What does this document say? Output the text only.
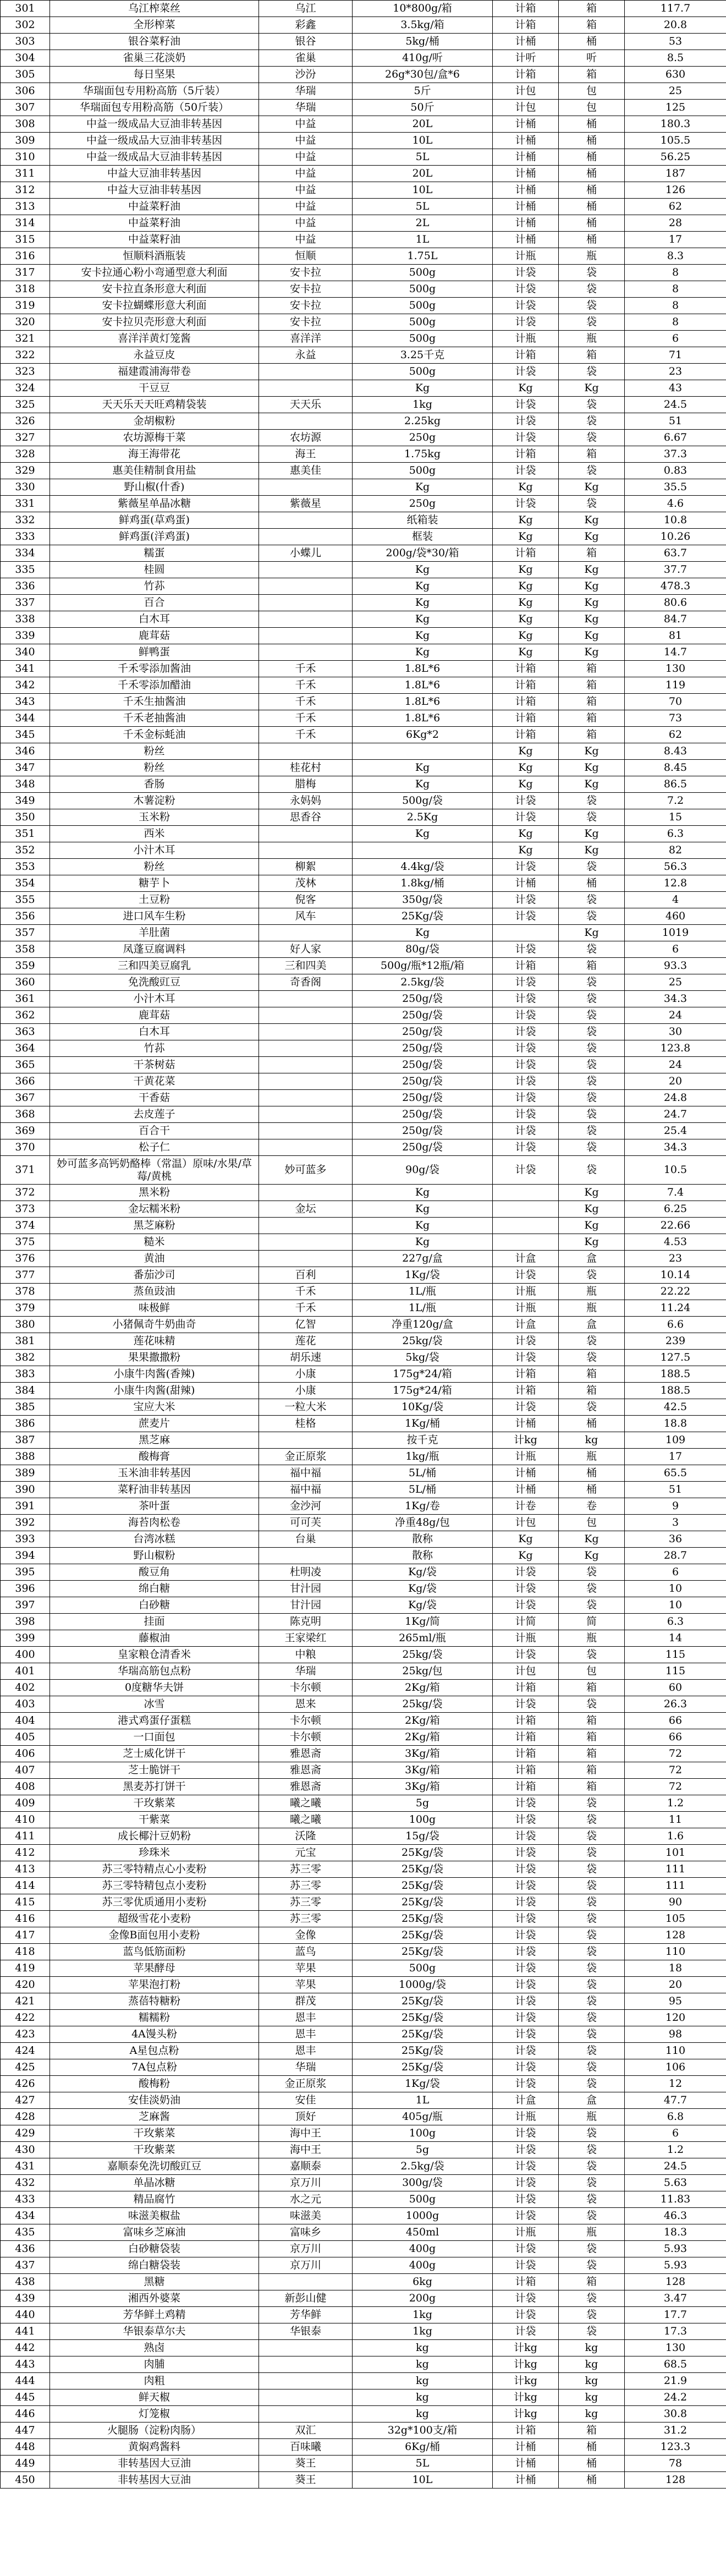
301	乌江榨菜丝	乌江	10*800g/箱	计箱	箱	117.7
302	全形榨菜	彩鑫	3.5kg/箱	计箱	箱	20.8
303	银谷菜籽油	银谷	5kg/桶	计桶	桶	53
304	雀巢三花淡奶	雀巢	410g/听	计听	听	8.5
305	每日坚果	沙汾	26g*30包/盒*6	计箱	箱	630
306	华瑞面包专用粉高筋（5斤装）	华瑞	5斤	计包	包	25
307	华瑞面包专用粉高筋（50斤装）	华瑞	50斤	计包	包	125
308	中益一级成品大豆油非转基因	中益	20L	计桶	桶	180.3
309	中益一级成品大豆油非转基因	中益	10L	计桶	桶	105.5
310	中益一级成品大豆油非转基因	中益	5L	计桶	桶	56.25
311	中益大豆油非转基因	中益	20L	计桶	桶	187
312	中益大豆油非转基因	中益	10L	计桶	桶	126
313	中益菜籽油	中益	5L	计桶	桶	62
314	中益菜籽油	中益	2L	计桶	桶	28
315	中益菜籽油	中益	1L	计桶	桶	17
316	恒顺料酒瓶装	恒顺	1.75L	计瓶	瓶	8.3
317	安卡拉通心粉小弯通型意大利面	安卡拉	500g	计袋	袋	8
318	安卡拉直条形意大利面	安卡拉	500g	计袋	袋	8
319	安卡拉蝴蝶形意大利面	安卡拉	500g	计袋	袋	8
320	安卡拉贝壳形意大利面	安卡拉	500g	计袋	袋	8
321	喜洋洋黄灯笼酱	喜洋洋	500g	计瓶	瓶	6
322	永益豆皮	永益	3.25千克	计箱	箱	71
323	福建霞浦海带卷		500g	计袋	袋	23
324	干豆豆		Kg	Kg	Kg	43
325	天天乐天天旺鸡精袋装	天天乐	1kg	计袋	袋	24.5
326	金胡椒粉		2.25kg	计袋	袋	51
327	农坊源梅干菜	农坊源	250g	计袋	袋	6.67
328	海王海带花	海王	1.75kg	计箱	箱	37.3
329	惠美佳精制食用盐	惠美佳	500g	计袋	袋	0.83
330	野山椒(什香)		Kg	Kg	Kg	35.5
331	紫薇星单晶冰糖	紫薇星	250g	计袋	袋	4.6
332	鲜鸡蛋(草鸡蛋)		纸箱装	Kg	Kg	10.8
333	鲜鸡蛋(洋鸡蛋)		框装	Kg	Kg	10.26
334	糯蛋	小蝶儿	200g/袋*30/箱	计箱	箱	63.7
335	桂圆		Kg	Kg	Kg	37.7
336	竹荪		Kg	Kg	Kg	478.3
337	百合		Kg	Kg	Kg	80.6
338	白木耳		Kg	Kg	Kg	84.7
339	鹿茸菇		Kg	Kg	Kg	81
340	鲜鸭蛋		Kg	Kg	Kg	14.7
341	千禾零添加酱油	千禾	1.8L*6	计箱	箱	130
342	千禾零添加醋油	千禾	1.8L*6	计箱	箱	119
343	千禾生抽酱油	千禾	1.8L*6	计箱	箱	70
344	千禾老抽酱油	千禾	1.8L*6	计箱	箱	73
345	千禾金标蚝油	千禾	6Kg*2	计箱	箱	62
346	粉丝			Kg	Kg	8.43
347	粉丝	桂花村	Kg	Kg	Kg	8.45
348	香肠	腊梅	Kg	Kg	Kg	86.5
349	木薯淀粉	永妈妈	500g/袋	计袋	袋	7.2
350	玉米粉	思香谷	2.5Kg	计袋	袋	15
351	西米		Kg	Kg	Kg	6.3
352	小汁木耳			Kg	Kg	82
353	粉丝	柳絮	4.4kg/袋	计袋	袋	56.3
354	糖芋卜	茂林	1.8kg/桶	计桶	桶	12.8
355	土豆粉	倪客	350g/袋	计袋	袋	4
356	进口风车生粉	风车	25Kg/袋	计袋	袋	460
357	羊肚菌		Kg		Kg	1019
358	凤蓬豆腐调料	好人家	80g/袋	计袋	袋	6
359	三和四美豆腐乳	三和四美	500g/瓶*12瓶/箱	计箱	箱	93.3
360	免洗酸豇豆	奇香阁	2.5kg/袋	计袋	袋	25
361	小汁木耳		250g/袋	计袋	袋	34.3
362	鹿茸菇		250g/袋	计袋	袋	24
363	白木耳		250g/袋	计袋	袋	30
364	竹荪		250g/袋	计袋	袋	123.8
365	干茶树菇		250g/袋	计袋	袋	24
366	干黄花菜		250g/袋	计袋	袋	20
367	干香菇		250g/袋	计袋	袋	24.8
368	去皮莲子		250g/袋	计袋	袋	24.7
369	百合干		250g/袋	计袋	袋	25.4
370	松子仁		250g/袋	计袋	袋	34.3
371	妙可蓝多高钙奶酪棒（常温）原味/水果/草莓/黄桃	妙可蓝多	90g/袋	计袋	袋	10.5
372	黑米粉		Kg		Kg	7.4
373	金坛糯米粉	金坛	Kg		Kg	6.25
374	黑芝麻粉		Kg		Kg	22.66
375	糙米		Kg		Kg	4.53
376	黄油		227g/盒	计盒	盒	23
377	番茄沙司	百利	1Kg/袋	计袋	袋	10.14
378	蒸鱼豉油	千禾	1L/瓶	计瓶	瓶	22.22
379	味极鲜	千禾	1L/瓶	计瓶	瓶	11.24
380	小猪佩奇牛奶曲奇	亿智	净重120g/盒	计盒	盒	6.6
381	莲花味精	莲花	25kg/袋	计袋	袋	239
382	果果撒撒粉	胡乐速	5kg/袋	计袋	袋	127.5
383	小康牛肉酱(香辣)	小康	175g*24/箱	计箱	箱	188.5
384	小康牛肉酱(甜辣)	小康	175g*24/箱	计箱	箱	188.5
385	宝应大米	一粒大米	10Kg/袋	计袋	袋	42.5
386	蔗麦片	桂格	1Kg/桶	计桶	桶	18.8
387	黑芝麻		按千克	计kg	kg	109
388	酸梅膏	金正原浆	1kg/瓶	计瓶	瓶	17
389	玉米油非转基因	福中福	5L/桶	计桶	桶	65.5
390	菜籽油非转基因	福中福	5L/桶	计桶	桶	51
391	茶叶蛋	金沙河	1Kg/卷	计卷	卷	9
392	海苔肉松卷	可可芙	净重48g/包	计包	包	3
393	台湾冰糕	台巢	散称	Kg	Kg	36
394	野山椒粉		散称	Kg	Kg	28.7
395	酸豆角	杜明凌	Kg/袋	计袋	袋	6
396	绵白糖	甘汁园	Kg/袋	计袋	袋	10
397	白砂糖	甘汁园	Kg/袋	计袋	袋	10
398	挂面	陈克明	1Kg/简	计简	简	6.3
399	藤椒油	王家梁红	265ml/瓶	计瓶	瓶	14
400	皇家粮仓清香米	中粮	25kg/袋	计袋	袋	115
401	华瑞高筋包点粉	华瑞	25kg/包	计包	包	115
402	0度糖华夫饼	卡尔顿	2Kg/箱	计箱	箱	60
403	冰雪	恩来	25kg/袋	计袋	袋	26.3
404	港式鸡蛋仔蛋糕	卡尔顿	2Kg/箱	计箱	箱	66
405	一口面包	卡尔顿	2Kg/箱	计箱	箱	66
406	芝士威化饼干	雅恩斋	3Kg/箱	计箱	箱	72
407	芝士脆饼干	雅恩斋	3Kg/箱	计箱	箱	72
408	黑麦苏打饼干	雅恩斋	3Kg/箱	计箱	箱	72
409	干玫紫菜	曦之曦	5g	计袋	袋	1.2
410	干紫菜	曦之曦	100g	计袋	袋	11
411	成长椰汁豆奶粉	沃隆	15g/袋	计袋	袋	1.6
412	珍珠米	元宝	25Kg/袋	计袋	袋	101
413	苏三零特精点心小麦粉	苏三零	25Kg/袋	计袋	袋	111
414	苏三零特精包点小麦粉	苏三零	25Kg/袋	计袋	袋	111
415	苏三零优质通用小麦粉	苏三零	25Kg/袋	计袋	袋	90
416	超级雪花小麦粉	苏三零	25Kg/袋	计袋	袋	105
417	金像B面包用小麦粉	金像	25Kg/袋	计袋	袋	128
418	蓝鸟低筋面粉	蓝鸟	25Kg/袋	计袋	袋	110
419	苹果酵母	苹果	500g	计袋	袋	18
420	苹果泡打粉	苹果	1000g/袋	计袋	袋	20
421	蒸蓓特糖粉	群茂	25Kg/袋	计袋	袋	95
422	糯糯粉	恩丰	25Kg/袋	计袋	袋	120
423	4A馒头粉	恩丰	25Kg/袋	计袋	袋	98
424	A星包点粉	恩丰	25Kg/袋	计袋	袋	110
425	7A包点粉	华瑞	25Kg/袋	计袋	袋	106
426	酸梅粉	金正原浆	1Kg/袋	计袋	袋	12
427	安佳淡奶油	安佳	1L	计盒	盒	47.7
428	芝麻酱	顶好	405g/瓶	计瓶	瓶	6.8
429	干玫紫菜	海中王	100g	计袋	袋	6
430	干玫紫菜	海中王	5g	计袋	袋	1.2
431	嘉顺泰免洗切酸豇豆	嘉顺泰	2.5kg/袋	计袋	袋	24.5
432	单晶冰糖	京万川	300g/袋	计袋	袋	5.63
433	精品腐竹	水之元	500g	计袋	袋	11.83
434	味滋美椒盐	味滋美	1000g	计袋	袋	46.3
435	富味乡芝麻油	富味乡	450ml	计瓶	瓶	18.3
436	白砂糖袋装	京万川	400g	计袋	袋	5.93
437	绵白糖袋装	京万川	400g	计袋	袋	5.93
438	黑糖		6kg	计箱	箱	128
439	湘西外婆菜	新彭山健	200g	计袋	袋	3.47
440	芳华鲜土鸡精	芳华鲜	1kg	计袋	袋	17.7
441	华银泰草尔夫	华银泰	1kg	计袋	袋	17.3
442	熟卤		kg	计kg	kg	130
443	肉脯		kg	计kg	kg	68.5
444	肉粗		kg	计kg	kg	21.9
445	鲜天椒		kg	计kg	kg	24.2
446	灯笼椒		kg	计kg	kg	30.8
447	火腿肠（淀粉肉肠）	双汇	32g*100支/箱	计箱	箱	31.2
448	黄焖鸡酱料	百味曦	6Kg/桶	计桶	桶	123.3
449	非转基因大豆油	葵王	5L	计桶	桶	78
450	非转基因大豆油	葵王	10L	计桶	桶	128
